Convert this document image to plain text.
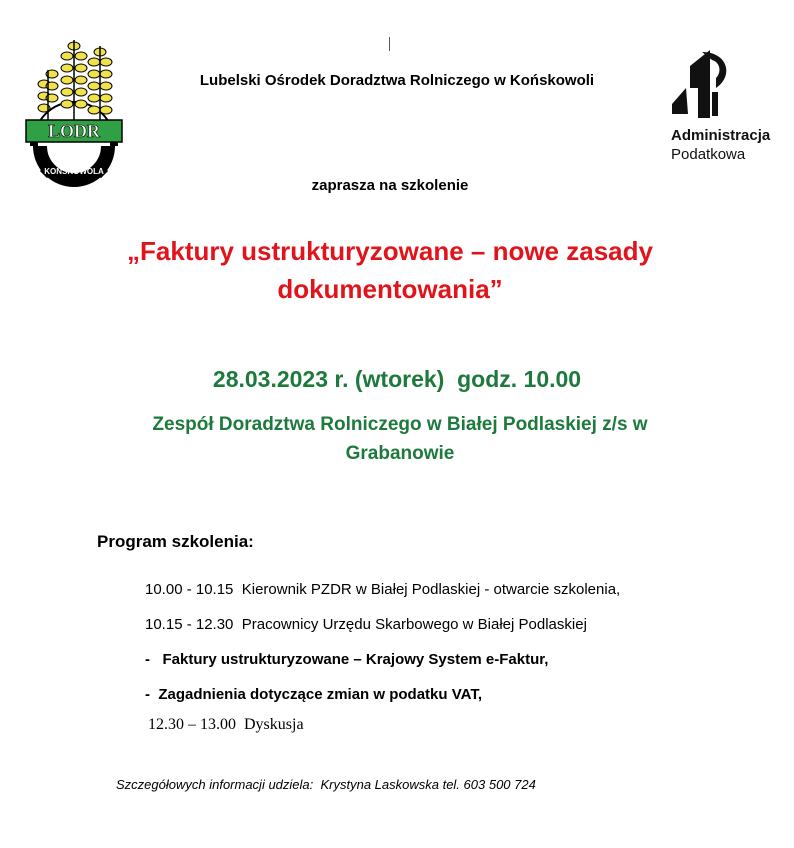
KOŃSKOWOLA
LODR	Administracja
Podatkowa
Lubelski Ośrodek Doradztwa Rolniczego w Końskowoli
zaprasza na szkolenie
„Faktury ustrukturyzowane – nowe zasady
dokumentowania”
28.03.2023 r. (wtorek)  godz. 10.00
Zespół Doradztwa Rolniczego w Białej Podlaskiej z/s w
Grabanowie
Program szkolenia:
10.00 - 10.15  Kierownik PZDR w Białej Podlaskiej - otwarcie szkolenia,
10.15 - 12.30  Pracownicy Urzędu Skarbowego w Białej Podlaskiej
-   Faktury ustrukturyzowane – Krajowy System e-Faktur,
-  Zagadnienia dotyczące zmian w podatku VAT,
12.30 – 13.00  Dyskusja
Szczegółowych informacji udziela:  Krystyna Laskowska tel. 603 500 724
